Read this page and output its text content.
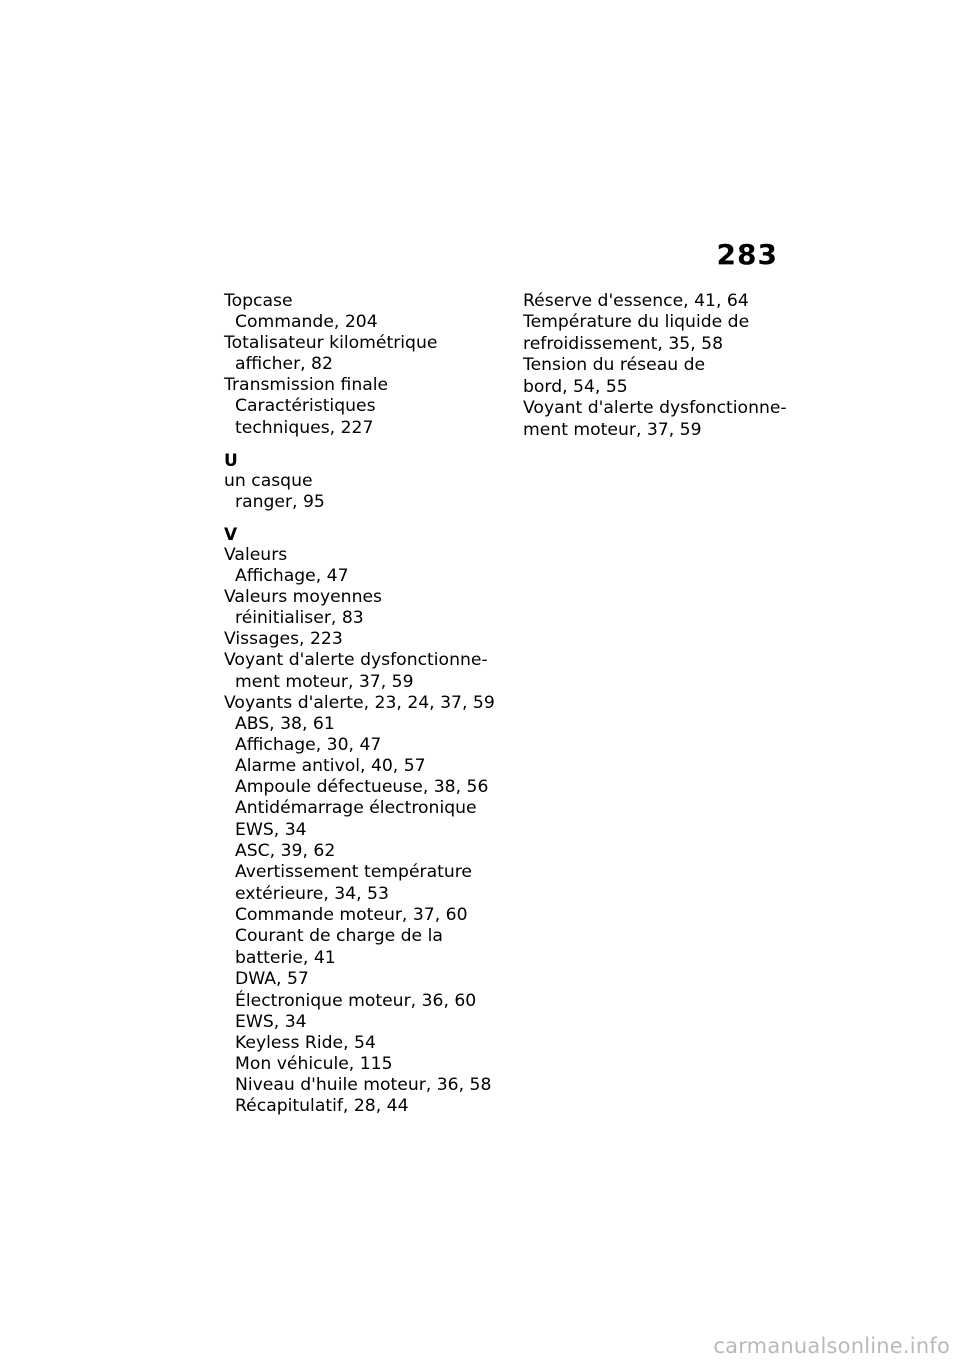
283
Topcase
Commande, 204
Totalisateur kilométrique
afficher, 82
Transmission finale
Caractéristiques
techniques, 227
U
un casque
ranger, 95
V
Valeurs
Affichage, 47
Valeurs moyennes
réinitialiser, 83
Vissages, 223
Voyant d'alerte dysfonctionne-
ment moteur, 37, 59
Voyants d'alerte, 23, 24, 37, 59
ABS, 38, 61
Affichage, 30, 47
Alarme antivol, 40, 57
Ampoule défectueuse, 38, 56
Antidémarrage électronique
EWS, 34
ASC, 39, 62
Avertissement température
extérieure, 34, 53
Commande moteur, 37, 60
Courant de charge de la
batterie, 41
DWA, 57
Électronique moteur, 36, 60
EWS, 34
Keyless Ride, 54
Mon véhicule, 115
Niveau d'huile moteur, 36, 58
Récapitulatif, 28, 44
Réserve d'essence, 41, 64
Température du liquide de
refroidissement, 35, 58
Tension du réseau de
bord, 54, 55
Voyant d'alerte dysfonctionne-
ment moteur, 37, 59
carmanualsonline.info
